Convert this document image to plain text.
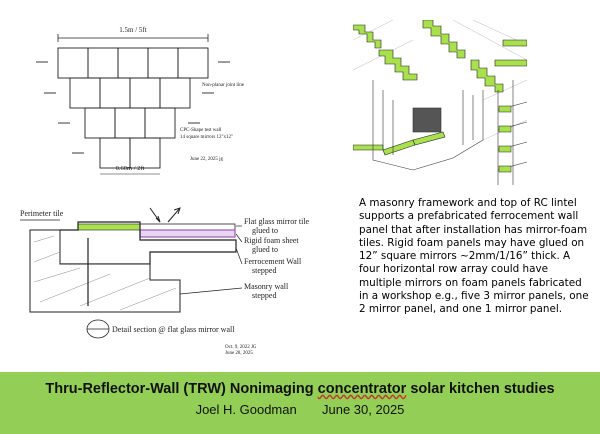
1.5m / 5ft
Non-planar joint line
CPC-Shape test wall
14 square mirrors 12"x12"
June 22, 2025 jg
0.60m / 2ft
Perimeter tile
Flat glass mirror tile
glued to
Rigid foam sheet
glued to
Ferrocement Wall
stepped
Masonry wall
stepped
Detail section @ flat glass mirror wall
Oct. 9, 2022 JG
June 28, 2025
A masonry framework and top of RC lintel supports a prefabricated ferrocement wall panel that after installation has mirror-foam tiles. Rigid foam panels may have glued on 12” square mirrors ~2mm/1/16” thick. A four horizontal row array could have multiple mirrors on foam panels fabricated in a workshop e.g., five 3 mirror panels, one 2 mirror panel, and one 1 mirror panel.
Thru-Reflector-Wall (TRW) Nonimaging concentrator solar kitchen studies
Joel H. Goodman       June 30, 2025
